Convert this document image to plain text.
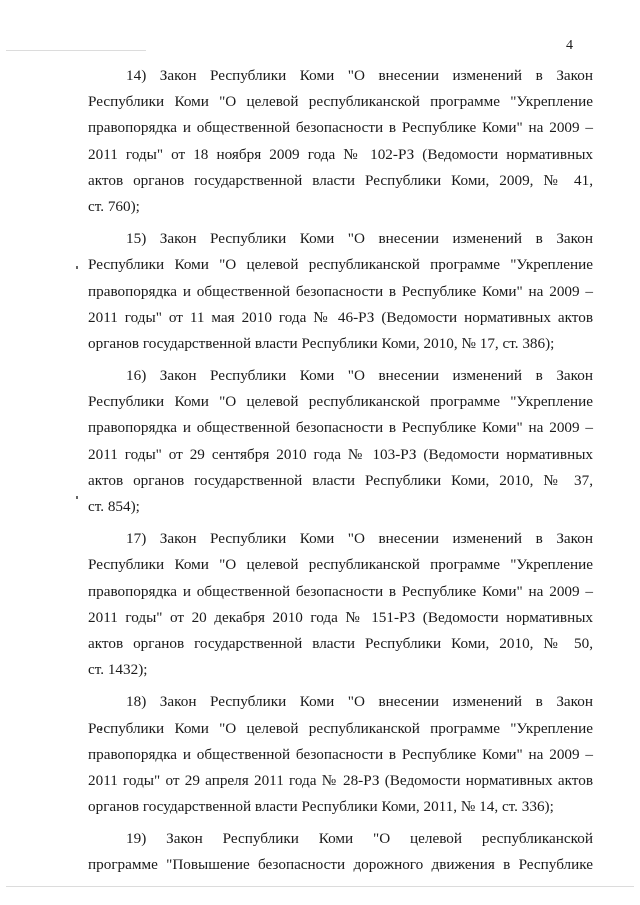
4
14) Закон Республики Коми "О внесении изменений в Закон
Республики Коми "О целевой республиканской программе "Укрепление
правопорядка и общественной безопасности в Республике Коми" на 2009 –
2011 годы" от 18 ноября 2009 года № 102-РЗ (Ведомости нормативных
актов органов государственной власти Республики Коми, 2009, № 41,
ст. 760);
15) Закон Республики Коми "О внесении изменений в Закон
Республики Коми "О целевой республиканской программе "Укрепление
правопорядка и общественной безопасности в Республике Коми" на 2009 –
2011 годы" от 11 мая 2010 года № 46-РЗ (Ведомости нормативных актов
органов государственной власти Республики Коми, 2010, № 17, ст. 386);
16) Закон Республики Коми "О внесении изменений в Закон
Республики Коми "О целевой республиканской программе "Укрепление
правопорядка и общественной безопасности в Республике Коми" на 2009 –
2011 годы" от 29 сентября 2010 года № 103-РЗ (Ведомости нормативных
актов органов государственной власти Республики Коми, 2010, № 37,
ст. 854);
17) Закон Республики Коми "О внесении изменений в Закон
Республики Коми "О целевой республиканской программе "Укрепление
правопорядка и общественной безопасности в Республике Коми" на 2009 –
2011 годы" от 20 декабря 2010 года № 151-РЗ (Ведомости нормативных
актов органов государственной власти Республики Коми, 2010, № 50,
ст. 1432);
18) Закон Республики Коми "О внесении изменений в Закон
Республики Коми "О целевой республиканской программе "Укрепление
правопорядка и общественной безопасности в Республике Коми" на 2009 –
2011 годы" от 29 апреля 2011 года № 28-РЗ (Ведомости нормативных актов
органов государственной власти Республики Коми, 2011, № 14, ст. 336);
19) Закон Республики Коми "О целевой республиканской
программе "Повышение безопасности дорожного движения в Республике
